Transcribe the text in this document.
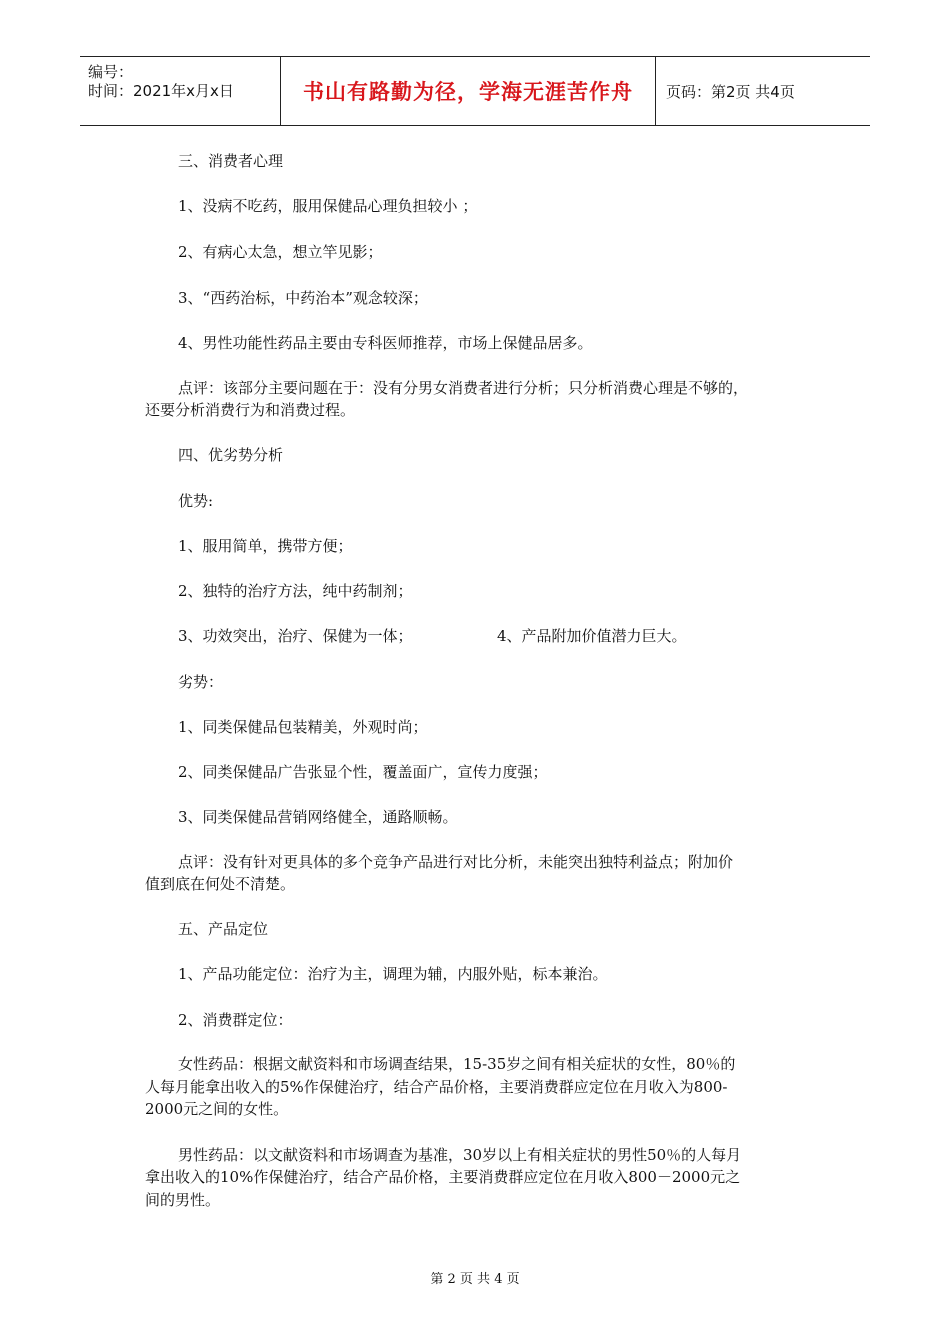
编号：
时间：2021年x月x日	书山有路勤为径，学海无涯苦作舟 页码：第2页 共4页
三、消费者心理
1、没病不吃药，服用保健品心理负担较小 ；
2、有病心太急，想立竿见影；
3、“西药治标，中药治本”观念较深；
4、男性功能性药品主要由专科医师推荐，市场上保健品居多。
点评：该部分主要问题在于：没有分男女消费者进行分析；只分析消费心理是不够的，
还要分析消费行为和消费过程。
四、优劣势分析
优势:
1、服用简单，携带方便；
2、独特的治疗方法，纯中药制剂；
3、功效突出，治疗、保健为一体；	4、产品附加价值潜力巨大。
劣势：
1、同类保健品包装精美，外观时尚；
2、同类保健品广告张显个性，覆盖面广，宣传力度强；
3、同类保健品营销网络健全，通路顺畅。
点评：没有针对更具体的多个竞争产品进行对比分析，未能突出独特利益点；附加价
值到底在何处不清楚。
五、产品定位
1、产品功能定位：治疗为主，调理为辅，内服外贴，标本兼治。
2、消费群定位：
女性药品：根据文献资料和市场调查结果，15-35岁之间有相关症状的女性，80％的
人每月能拿出收入的5%作保健治疗，结合产品价格，主要消费群应定位在月收入为800-
2000元之间的女性。
男性药品：以文献资料和市场调查为基准，30岁以上有相关症状的男性50％的人每月
拿出收入的10%作保健治疗，结合产品价格，主要消费群应定位在月收入800－2000元之
间的男性。
第 2 页 共 4 页
